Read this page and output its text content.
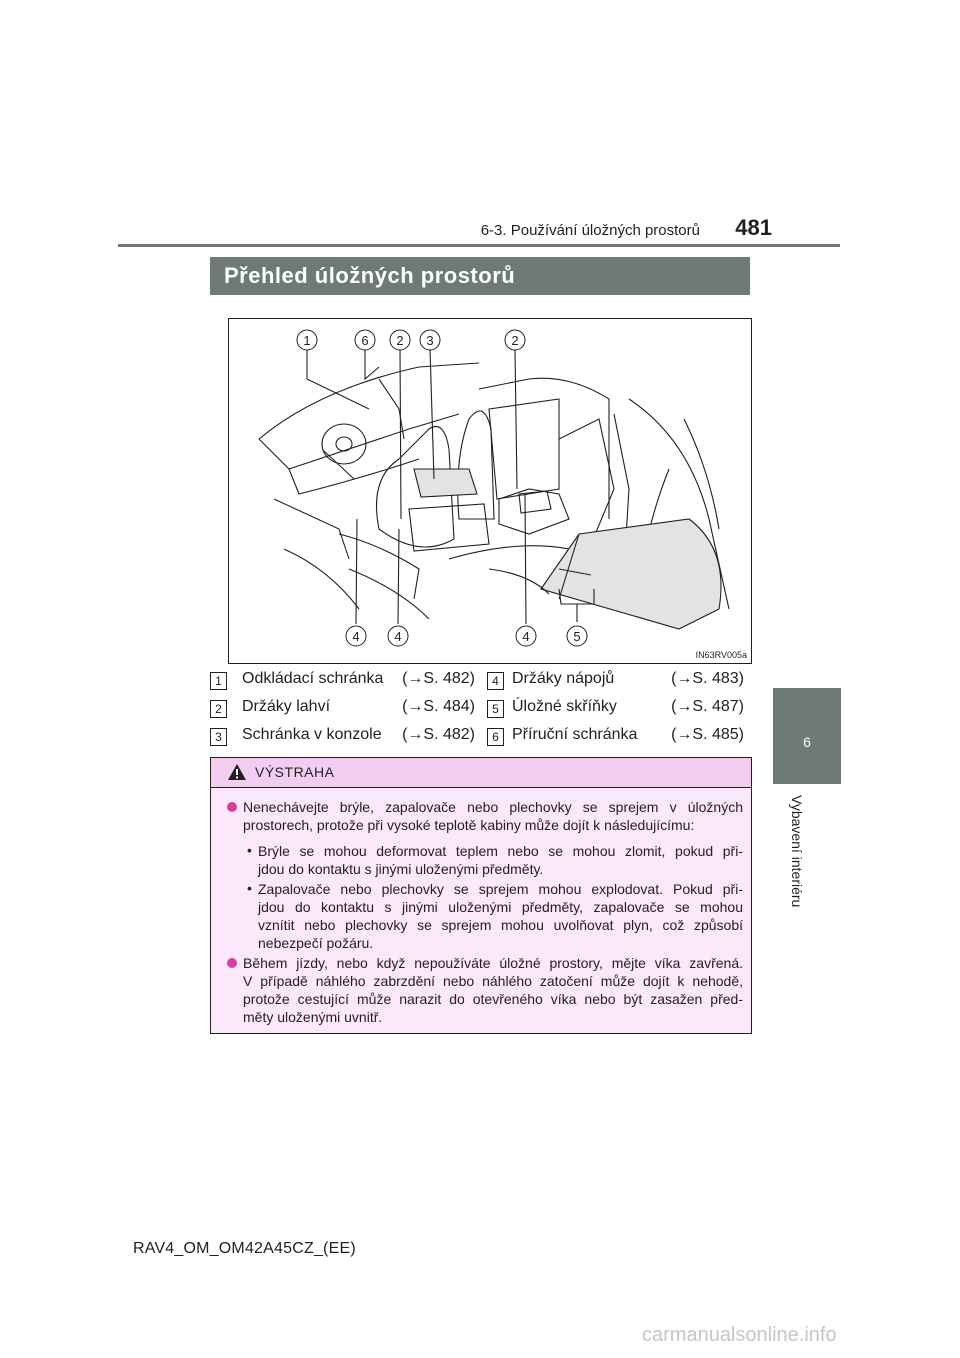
6-3. Používání úložných prostorů	481
6
Vybavení interiéru
Přehled úložných prostorů
1	6 2 3	2
4	4	4	5
IN63RV005a
1	Odkládací schránka (→S. 482)
2	Držáky lahví	(→S. 484)
3	Schránka v konzole (→S. 482)
4 Držáky nápojů	(→S. 483)
5 Úložné skříňky	(→S. 487)
6 Příruční schránka (→S. 485)
VÝSTRAHA
Nenechávejte brýle, zapalovače nebo plechovky se sprejem v úložných
prostorech, protože při vysoké teplotě kabiny může dojít k následujícímu:
• Brýle se mohou deformovat teplem nebo se mohou zlomit, pokud při-
jdou do kontaktu s jinými uloženými předměty.
• Zapalovače nebo plechovky se sprejem mohou explodovat. Pokud při-
jdou do kontaktu s jinými uloženými předměty, zapalovače se mohou
vznítit nebo plechovky se sprejem mohou uvolňovat plyn, což způsobí
nebezpečí požáru.
Během jízdy, nebo když nepoužíváte úložné prostory, mějte víka zavřená.
V případě náhlého zabrzdění nebo náhlého zatočení může dojít k nehodě,
protože cestující může narazit do otevřeného víka nebo být zasažen před-
měty uloženými uvnitř.
RAV4_OM_OM42A45CZ_(EE)
carmanualsonline.info
